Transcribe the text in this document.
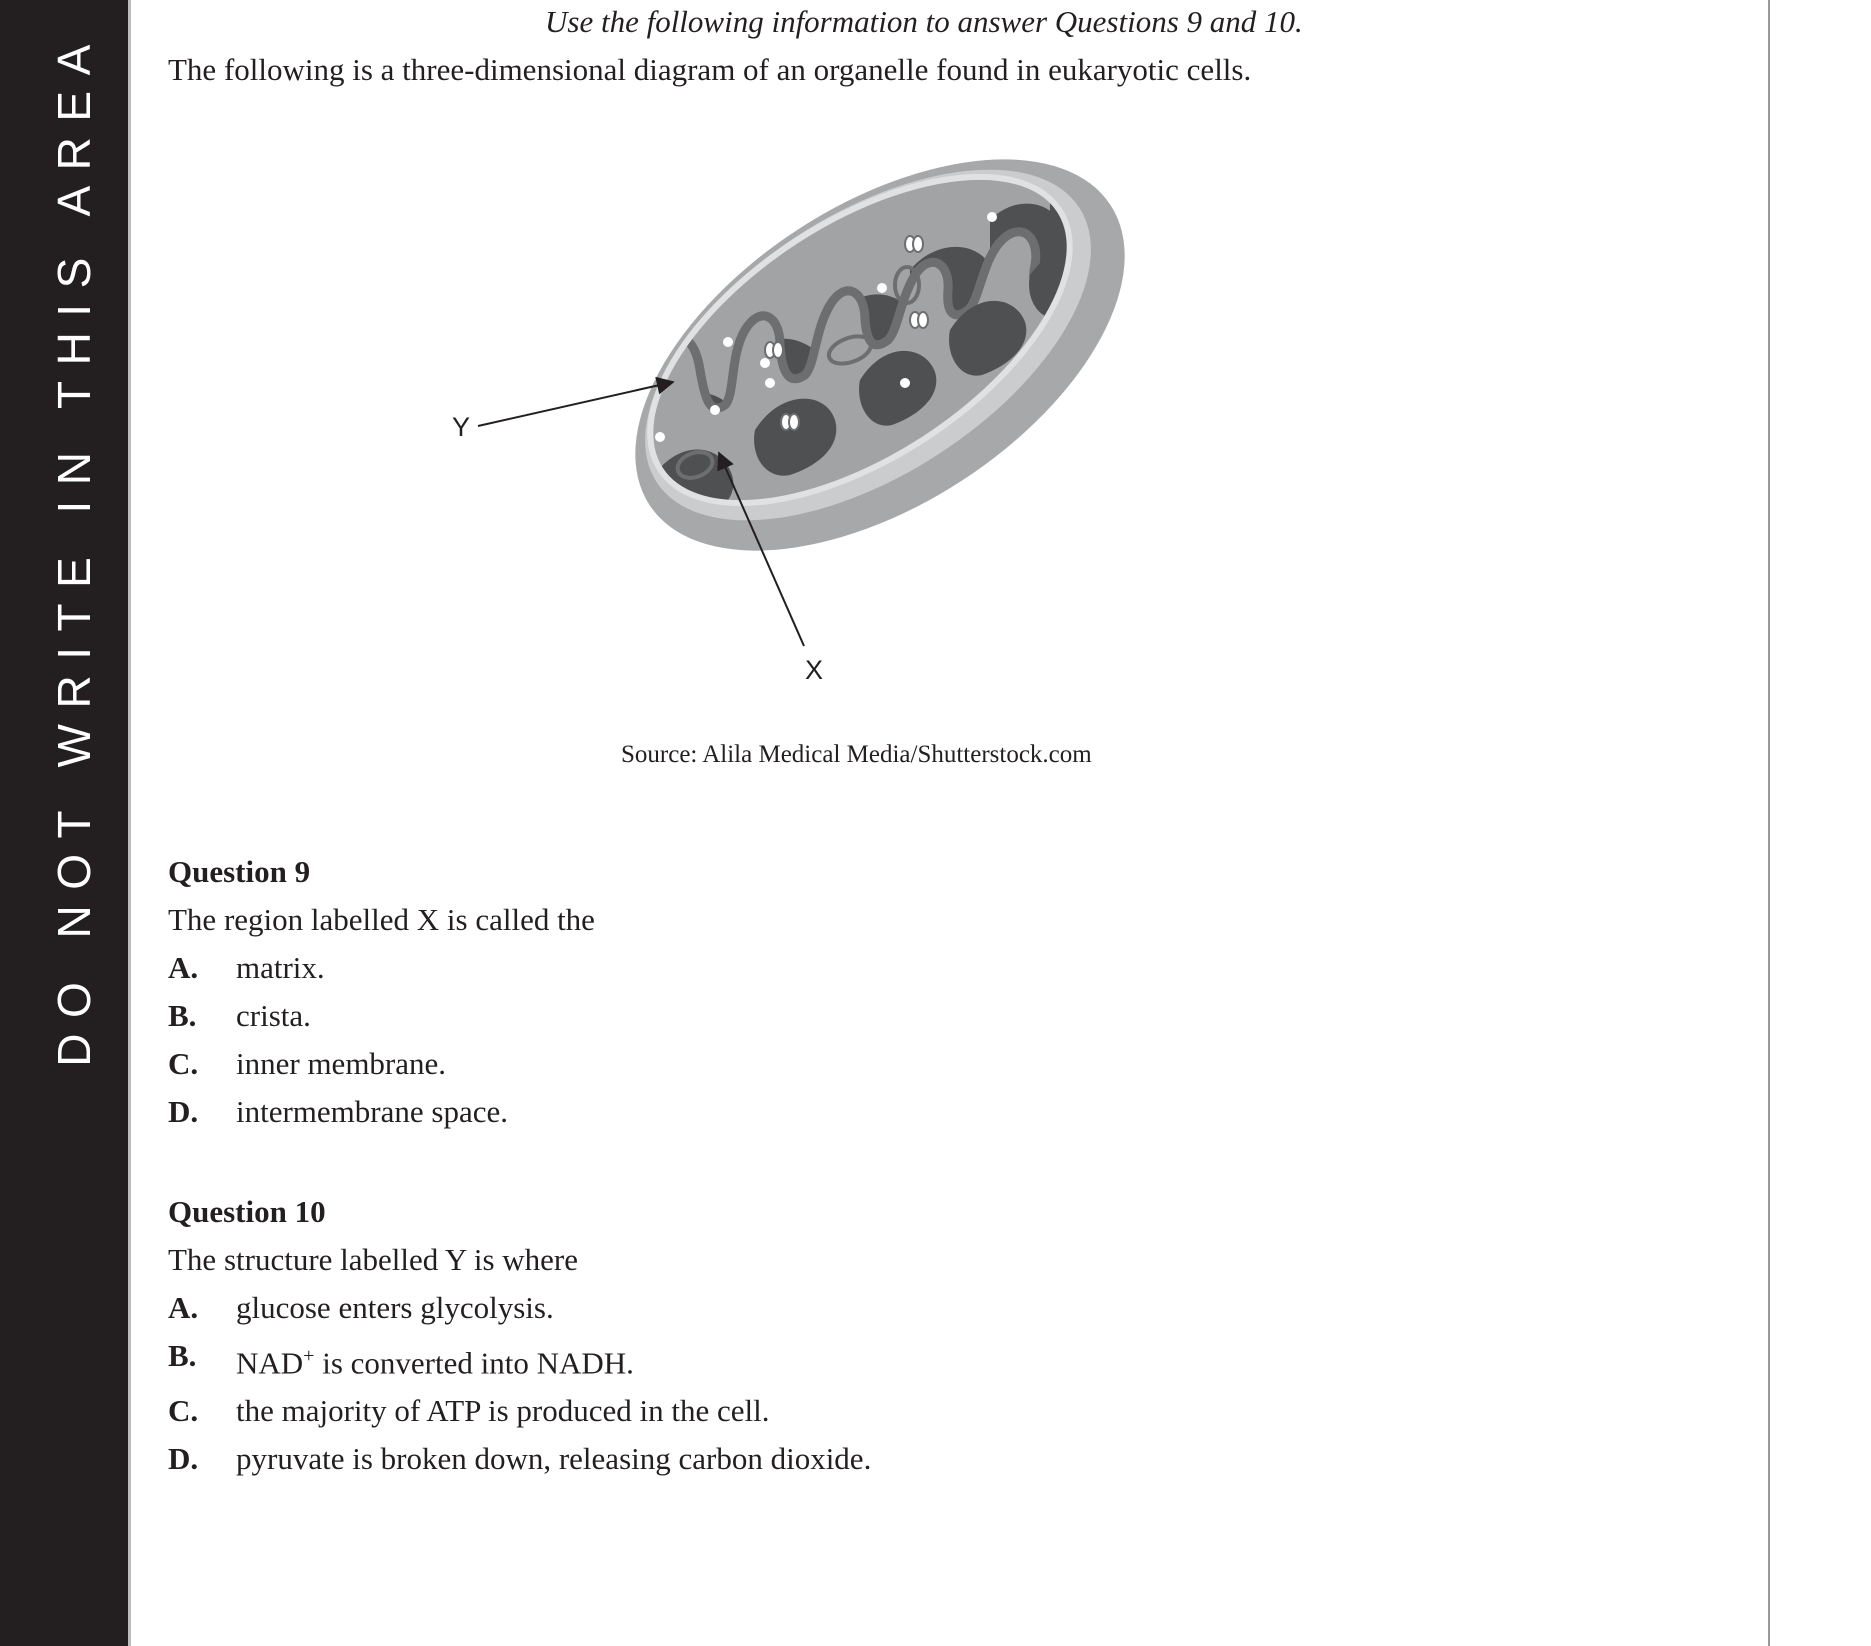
DO NOT WRITE IN THIS AREA
Use the following information to answer Questions 9 and 10.
The following is a three-dimensional diagram of an organelle found in eukaryotic cells.
Y
X
Source: Alila Medical Media/Shutterstock.com

Question 9

The region labelled X is called the

A.	matrix.

B.	crista.

C.	inner membrane.

D.	intermembrane space.

Question 10

The structure labelled Y is where

A.	glucose enters glycolysis.

B.	NAD+ is converted into NADH.

C.	the majority of ATP is produced in the cell.

D.	pyruvate is broken down, releasing carbon dioxide.
